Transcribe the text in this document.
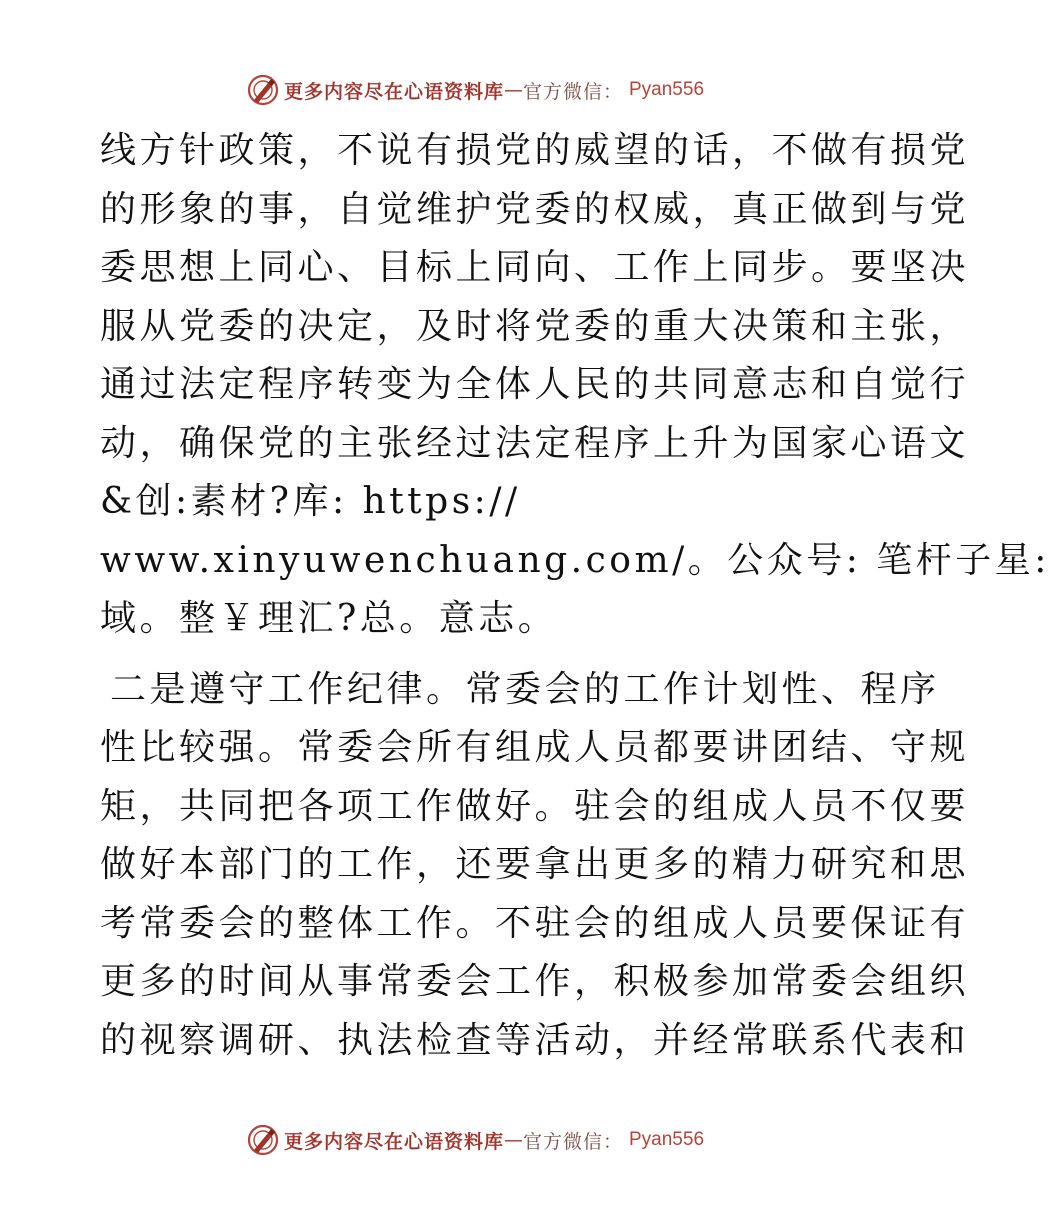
更多内容尽在心语资料库 — 官方微信： Pyan556
线方针政策，不说有损党的威望的话，不做有损党
的形象的事，自觉维护党委的权威，真正做到与党
委思想上同心、目标上同向、工作上同步。要坚决
服从党委的决定，及时将党委的重大决策和主张，
通过法定程序转变为全体人民的共同意志和自觉行
动，确保党的主张经过法定程序上升为国家心语文
&创:素材?库: https://
www.xinyuwenchuang.com/。公众号: 笔杆子星:
域。整￥理汇?总。意志。
二是遵守工作纪律。常委会的工作计划性、程序
性比较强。常委会所有组成人员都要讲团结、守规
矩，共同把各项工作做好。驻会的组成人员不仅要
做好本部门的工作，还要拿出更多的精力研究和思
考常委会的整体工作。不驻会的组成人员要保证有
更多的时间从事常委会工作，积极参加常委会组织
的视察调研、执法检查等活动，并经常联系代表和
更多内容尽在心语资料库 — 官方微信： Pyan556
